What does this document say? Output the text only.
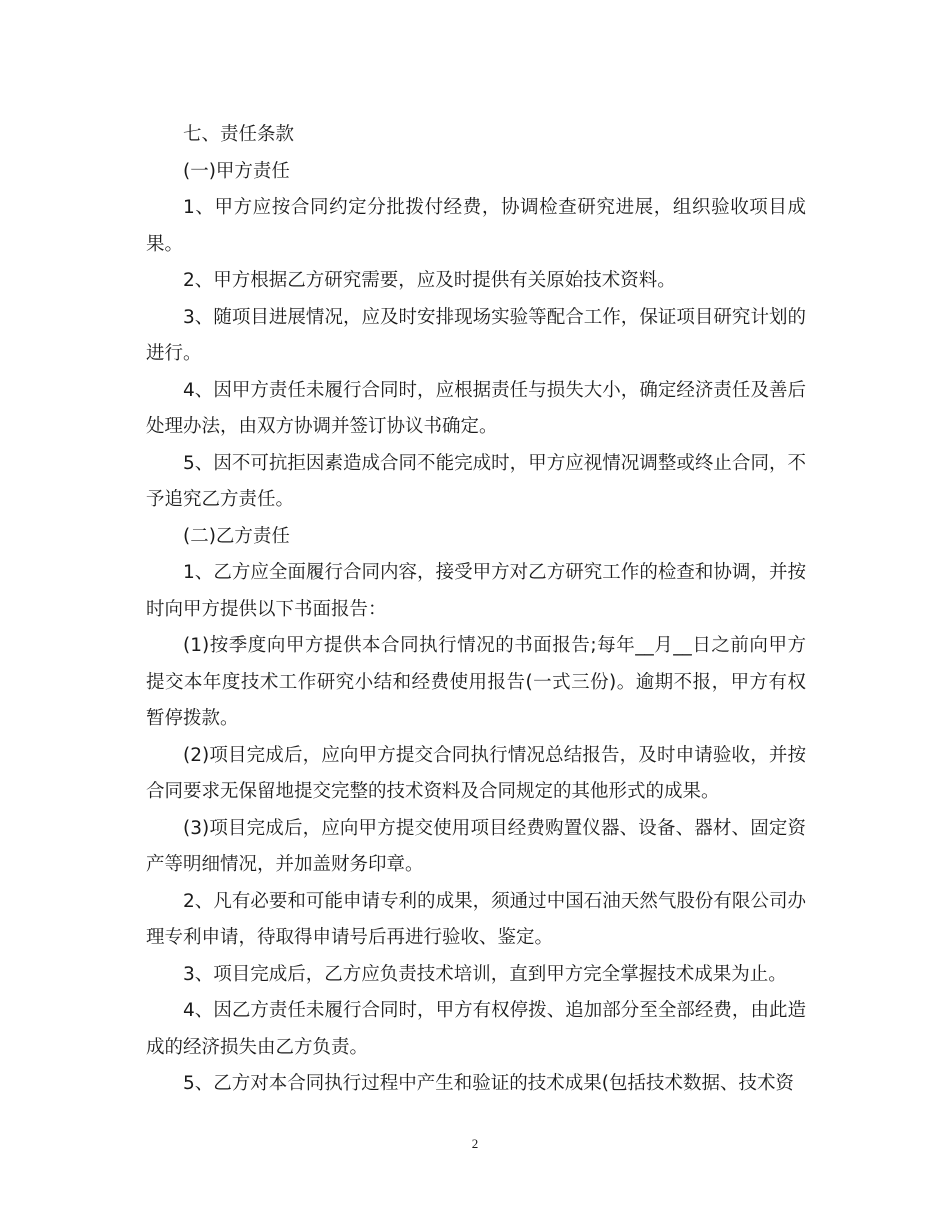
七、责任条款

(一)甲方责任

1、甲方应按合同约定分批拨付经费，协调检查研究进展，组织验收项目成果。

2、甲方根据乙方研究需要，应及时提供有关原始技术资料。

3、随项目进展情况，应及时安排现场实验等配合工作，保证项目研究计划的进行。

4、因甲方责任未履行合同时，应根据责任与损失大小，确定经济责任及善后处理办法，由双方协调并签订协议书确定。

5、因不可抗拒因素造成合同不能完成时，甲方应视情况调整或终止合同，不予追究乙方责任。

(二)乙方责任

1、乙方应全面履行合同内容，接受甲方对乙方研究工作的检查和协调，并按时向甲方提供以下书面报告：

(1)按季度向甲方提供本合同执行情况的书面报告;每年__月__日之前向甲方提交本年度技术工作研究小结和经费使用报告(一式三份)。逾期不报，甲方有权暂停拨款。

(2)项目完成后，应向甲方提交合同执行情况总结报告，及时申请验收，并按合同要求无保留地提交完整的技术资料及合同规定的其他形式的成果。

(3)项目完成后，应向甲方提交使用项目经费购置仪器、设备、器材、固定资产等明细情况，并加盖财务印章。

2、凡有必要和可能申请专利的成果，须通过中国石油天然气股份有限公司办理专利申请，待取得申请号后再进行验收、鉴定。

3、项目完成后，乙方应负责技术培训，直到甲方完全掌握技术成果为止。

4、因乙方责任未履行合同时，甲方有权停拨、追加部分至全部经费，由此造成的经济损失由乙方负责。

5、乙方对本合同执行过程中产生和验证的技术成果(包括技术数据、技术资

2
